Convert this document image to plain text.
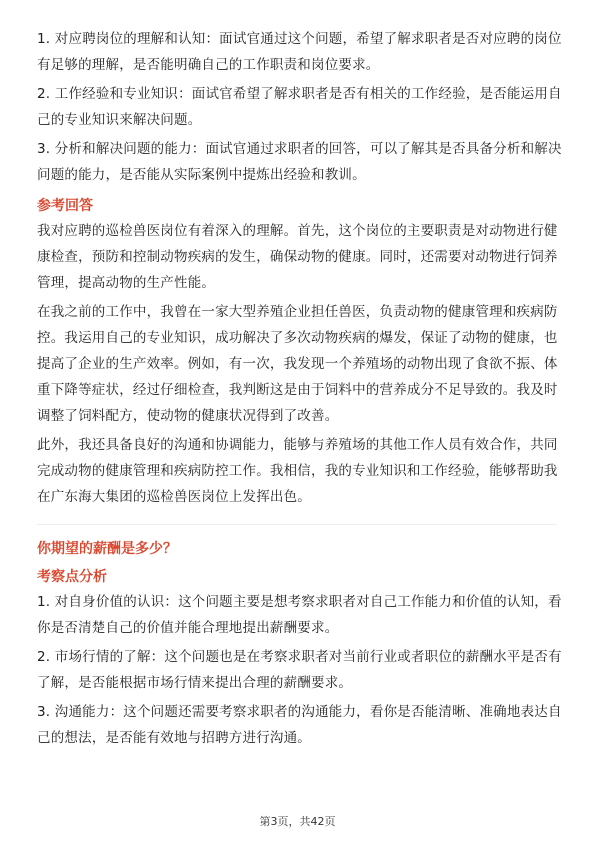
1. 对应聘岗位的理解和认知：面试官通过这个问题，希望了解求职者是否对应聘的岗位有足够的理解，是否能明确自己的工作职责和岗位要求。

2. 工作经验和专业知识：面试官希望了解求职者是否有相关的工作经验，是否能运用自己的专业知识来解决问题。

3. 分析和解决问题的能力：面试官通过求职者的回答，可以了解其是否具备分析和解决问题的能力，是否能从实际案例中提炼出经验和教训。

参考回答

我对应聘的巡检兽医岗位有着深入的理解。首先，这个岗位的主要职责是对动物进行健康检查，预防和控制动物疾病的发生，确保动物的健康。同时，还需要对动物进行饲养管理，提高动物的生产性能。

在我之前的工作中，我曾在一家大型养殖企业担任兽医，负责动物的健康管理和疾病防控。我运用自己的专业知识，成功解决了多次动物疾病的爆发，保证了动物的健康，也提高了企业的生产效率。例如，有一次，我发现一个养殖场的动物出现了食欲不振、体重下降等症状，经过仔细检查，我判断这是由于饲料中的营养成分不足导致的。我及时调整了饲料配方，使动物的健康状况得到了改善。

此外，我还具备良好的沟通和协调能力，能够与养殖场的其他工作人员有效合作，共同完成动物的健康管理和疾病防控工作。我相信，我的专业知识和工作经验，能够帮助我在广东海大集团的巡检兽医岗位上发挥出色。

你期望的薪酬是多少？

考察点分析

1. 对自身价值的认识：这个问题主要是想考察求职者对自己工作能力和价值的认知，看你是否清楚自己的价值并能合理地提出薪酬要求。

2. 市场行情的了解：这个问题也是在考察求职者对当前行业或者职位的薪酬水平是否有了解，是否能根据市场行情来提出合理的薪酬要求。

3. 沟通能力：这个问题还需要考察求职者的沟通能力，看你是否能清晰、准确地表达自己的想法，是否能有效地与招聘方进行沟通。

第3页，共42页
